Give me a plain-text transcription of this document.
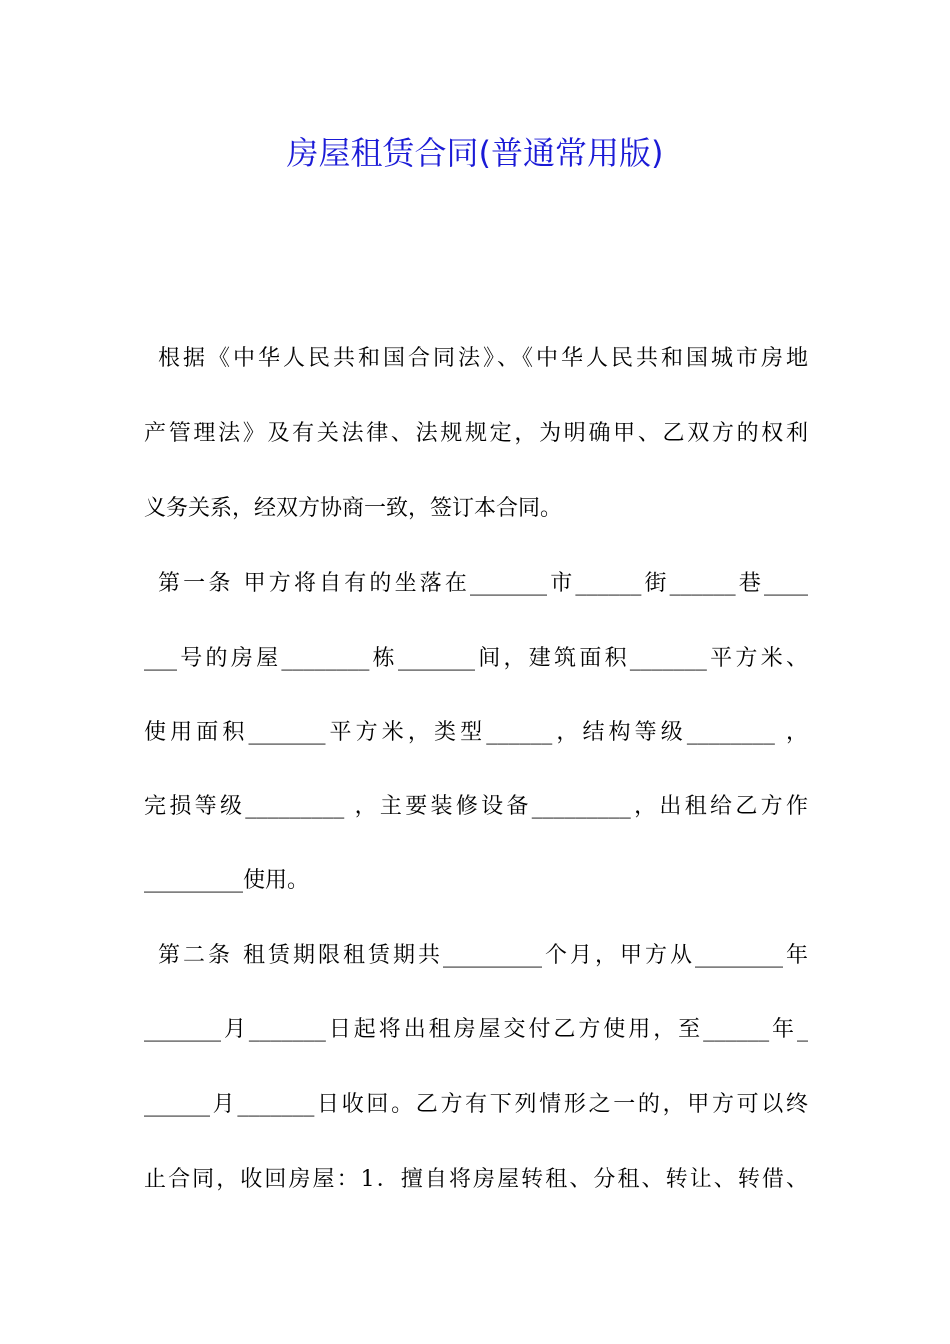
房屋租赁合同(普通常用版)
根据《中华人民共和国合同法》、《中华人民共和国城市房地
产管理法》及有关法律、法规规定，为明确甲、乙双方的权利
义务关系，经双方协商一致，签订本合同。
第一条 甲方将自有的坐落在_______市______街______巷____
___号的房屋________栋_______间，建筑面积_______平方米、
使用面积_______平方米，类型______，结构等级________ ，
完损等级_________ ，主要装修设备_________，出租给乙方作
_________使用。
第二条 租赁期限租赁期共_________个月，甲方从________年
_______月_______日起将出租房屋交付乙方使用，至______年_
______月_______日收回。乙方有下列情形之一的，甲方可以终
止合同，收回房屋：1．擅自将房屋转租、分租、转让、转借、
